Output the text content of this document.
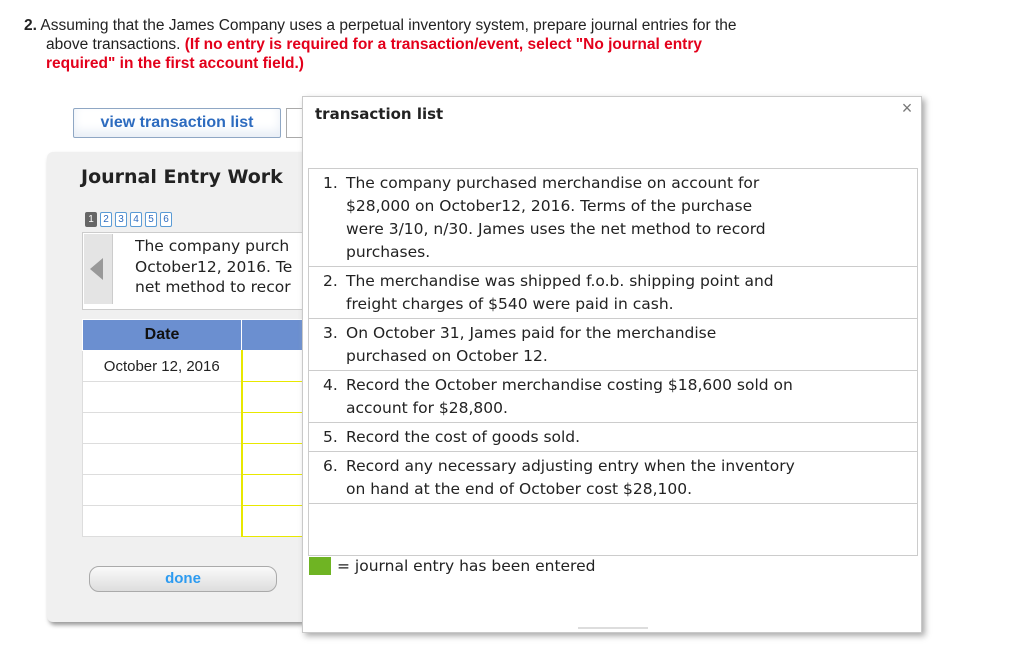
2. Assuming that the James Company uses a perpetual inventory system, prepare journal entries for the
above transactions. (If no entry is required for a transaction/event, select "No journal entry
required" in the first account field.)
view transaction list
Journal Entry Work
1 2 3 4 5 6
The company purch
October12, 2016. Te
net method to recor
Date	
October 12, 2016	

done
transaction list	×
1. The company purchased merchandise on account for
$28,000 on October12, 2016. Terms of the purchase
were 3/10, n/30. James uses the net method to record
purchases.
2. The merchandise was shipped f.o.b. shipping point and
freight charges of $540 were paid in cash.
3. On October 31, James paid for the merchandise
purchased on October 12.
4. Record the October merchandise costing $18,600 sold on
account for $28,800.
5. Record the cost of goods sold.
6. Record any necessary adjusting entry when the inventory
on hand at the end of October cost $28,100.
= journal entry has been entered
